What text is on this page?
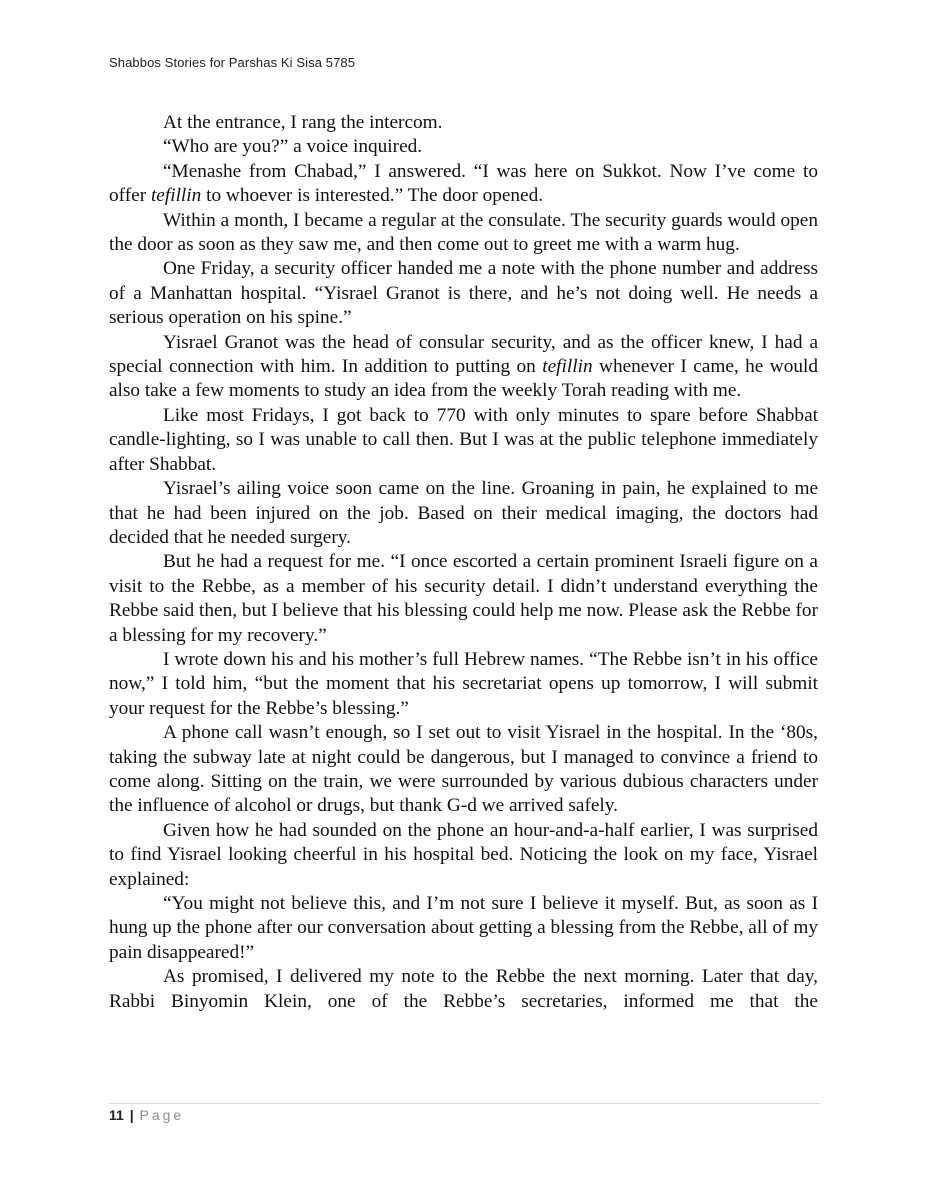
Shabbos Stories for Parshas Ki Sisa 5785

At the entrance, I rang the intercom.

“Who are you?” a voice inquired.

“Menashe from Chabad,” I answered. “I was here on Sukkot. Now I’ve come to offer tefillin to whoever is interested.” The door opened.

Within a month, I became a regular at the consulate. The security guards would open the door as soon as they saw me, and then come out to greet me with a warm hug.

One Friday, a security officer handed me a note with the phone number and address of a Manhattan hospital. “Yisrael Granot is there, and he’s not doing well. He needs a serious operation on his spine.”

Yisrael Granot was the head of consular security, and as the officer knew, I had a special connection with him. In addition to putting on tefillin whenever I came, he would also take a few moments to study an idea from the weekly Torah reading with me.

Like most Fridays, I got back to 770 with only minutes to spare before Shabbat candle-lighting, so I was unable to call then. But I was at the public telephone immediately after Shabbat.

Yisrael’s ailing voice soon came on the line. Groaning in pain, he explained to me that he had been injured on the job. Based on their medical imaging, the doctors had decided that he needed surgery.

But he had a request for me. “I once escorted a certain prominent Israeli figure on a visit to the Rebbe, as a member of his security detail. I didn’t understand everything the Rebbe said then, but I believe that his blessing could help me now. Please ask the Rebbe for a blessing for my recovery.”

I wrote down his and his mother’s full Hebrew names. “The Rebbe isn’t in his office now,” I told him, “but the moment that his secretariat opens up tomorrow, I will submit your request for the Rebbe’s blessing.”

A phone call wasn’t enough, so I set out to visit Yisrael in the hospital. In the ‘80s, taking the subway late at night could be dangerous, but I managed to convince a friend to come along. Sitting on the train, we were surrounded by various dubious characters under the influence of alcohol or drugs, but thank G-d we arrived safely.

Given how he had sounded on the phone an hour-and-a-half earlier, I was surprised to find Yisrael looking cheerful in his hospital bed. Noticing the look on my face, Yisrael explained:

“You might not believe this, and I’m not sure I believe it myself. But, as soon as I hung up the phone after our conversation about getting a blessing from the Rebbe, all of my pain disappeared!”

As promised, I delivered my note to the Rebbe the next morning. Later that day, Rabbi Binyomin Klein, one of the Rebbe’s secretaries, informed me that the

11 | Page
